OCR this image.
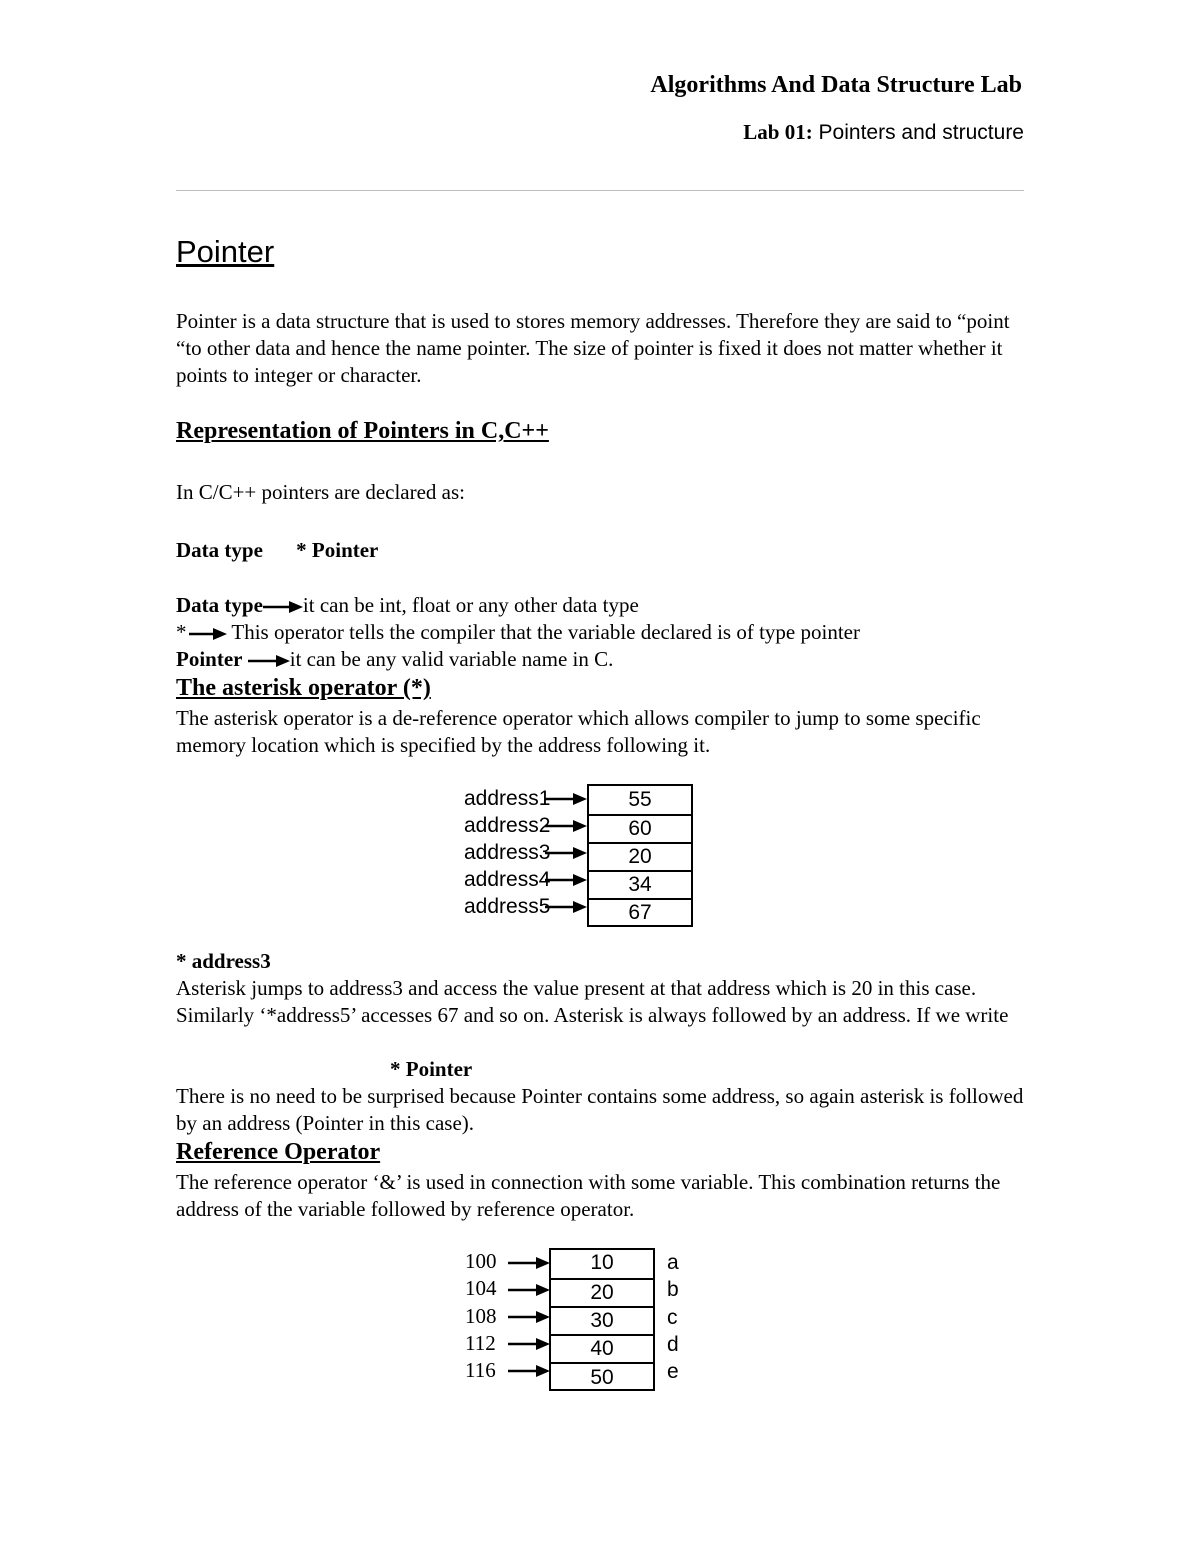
Algorithms And Data Structure Lab
Lab 01: Pointers and structure
Pointer
Pointer is a data structure that is used to stores memory addresses. Therefore they are said to “point “to other data and hence the name pointer. The size of pointer is fixed it does not matter whether it points to integer or character.
Representation of Pointers in C,C++
In C/C++ pointers are declared as:
Data type * Pointer
Data type it can be int, float or any other data type
* This operator tells the compiler that the variable declared is of type pointer
Pointer it can be any valid variable name in C.
The asterisk operator (*)
The asterisk operator is a de-reference operator which allows compiler to jump to some specific memory location which is specified by the address following it.
address1
address2
address3
address4
address5
55
60
20
34
67
* address3
Asterisk jumps to address3 and access the value present at that address which is 20 in this case. Similarly ‘*address5’ accesses 67 and so on. Asterisk is always followed by an address. If we write
* Pointer
There is no need to be surprised because Pointer contains some address, so again asterisk is followed by an address (Pointer in this case).
Reference Operator
The reference operator ‘&’ is used in connection with some variable. This combination returns the address of the variable followed by reference operator.
100
104
108
112
116
10
20
30
40
50
a
b
c
d
e
